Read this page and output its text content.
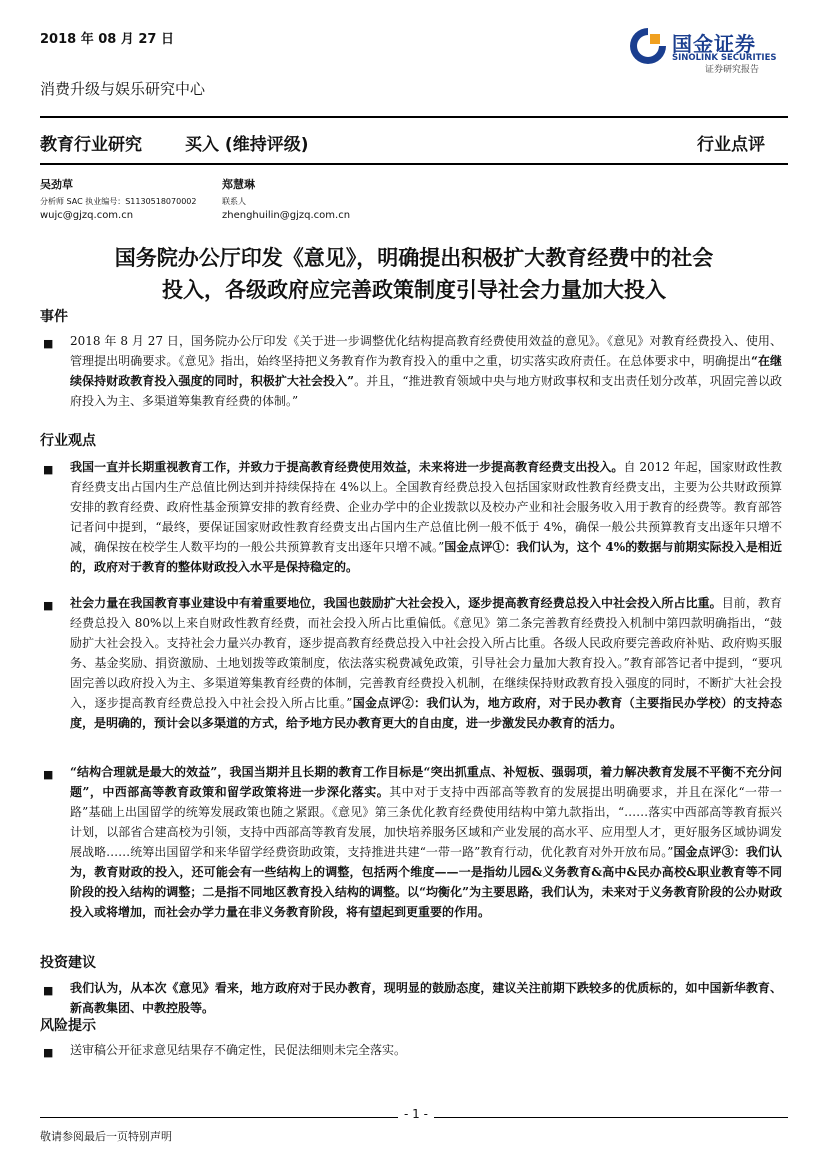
2018 年 08 月 27 日	国金证券
SINOLINK SECURITIES
证券研究报告
消费升级与娱乐研究中心
教育行业研究	买入 (维持评级)	行业点评
吴劲草
分析师 SAC 执业编号：S1130518070002
wujc@gjzq.com.cn
郑慧琳
联系人
zhenghuilin@gjzq.com.cn
国务院办公厅印发《意见》，明确提出积极扩大教育经费中的社会
投入，各级政府应完善政策制度引导社会力量加大投入
事件
■ 2018 年 8 月 27 日，国务院办公厅印发《关于进一步调整优化结构提高教育经费使用效益的意见》。《意见》对教育经费投入、使用、管理提出明确要求。《意见》指出，始终坚持把义务教育作为教育投入的重中之重，切实落实政府责任。在总体要求中，明确提出“在继续保持财政教育投入强度的同时，积极扩大社会投入”。并且，“推进教育领域中央与地方财政事权和支出责任划分改革，巩固完善以政府投入为主、多渠道筹集教育经费的体制。”
行业观点
■ 我国一直并长期重视教育工作，并致力于提高教育经费使用效益，未来将进一步提高教育经费支出投入。自 2012 年起，国家财政性教育经费支出占国内生产总值比例达到并持续保持在 4%以上。全国教育经费总投入包括国家财政性教育经费支出，主要为公共财政预算安排的教育经费、政府性基金预算安排的教育经费、企业办学中的企业拨款以及校办产业和社会服务收入用于教育的经费等。教育部答记者问中提到，“最终，要保证国家财政性教育经费支出占国内生产总值比例一般不低于 4%，确保一般公共预算教育支出逐年只增不减，确保按在校学生人数平均的一般公共预算教育支出逐年只增不减。”国金点评①：我们认为，这个 4%的数据与前期实际投入是相近的，政府对于教育的整体财政投入水平是保持稳定的。
■ 社会力量在我国教育事业建设中有着重要地位，我国也鼓励扩大社会投入，逐步提高教育经费总投入中社会投入所占比重。目前，教育经费总投入 80%以上来自财政性教育经费，而社会投入所占比重偏低。《意见》第二条完善教育经费投入机制中第四款明确指出，“鼓励扩大社会投入。支持社会力量兴办教育，逐步提高教育经费总投入中社会投入所占比重。各级人民政府要完善政府补贴、政府购买服务、基金奖励、捐资激励、土地划拨等政策制度，依法落实税费减免政策，引导社会力量加大教育投入。”教育部答记者中提到，“要巩固完善以政府投入为主、多渠道筹集教育经费的体制，完善教育经费投入机制，在继续保持财政教育投入强度的同时，不断扩大社会投入，逐步提高教育经费总投入中社会投入所占比重。”国金点评②：我们认为，地方政府，对于民办教育（主要指民办学校）的支持态度，是明确的，预计会以多渠道的方式，给予地方民办教育更大的自由度，进一步激发民办教育的活力。
■ “结构合理就是最大的效益”，我国当期并且长期的教育工作目标是“突出抓重点、补短板、强弱项，着力解决教育发展不平衡不充分问题”，中西部高等教育政策和留学政策将进一步深化落实。其中对于支持中西部高等教育的发展提出明确要求，并且在深化“一带一路”基础上出国留学的统筹发展政策也随之紧跟。《意见》第三条优化教育经费使用结构中第九款指出，“……落实中西部高等教育振兴计划，以部省合建高校为引领，支持中西部高等教育发展，加快培养服务区域和产业发展的高水平、应用型人才，更好服务区域协调发展战略……统筹出国留学和来华留学经费资助政策，支持推进共建“一带一路”教育行动，优化教育对外开放布局。”国金点评③：我们认为，教育财政的投入，还可能会有一些结构上的调整，包括两个维度——一是指幼儿园&义务教育&高中&民办高校&职业教育等不同阶段的投入结构的调整；二是指不同地区教育投入结构的调整。以“均衡化”为主要思路，我们认为，未来对于义务教育阶段的公办财政投入或将增加，而社会办学力量在非义务教育阶段，将有望起到更重要的作用。
投资建议
■ 我们认为，从本次《意见》看来，地方政府对于民办教育，现明显的鼓励态度，建议关注前期下跌较多的优质标的，如中国新华教育、新高教集团、中教控股等。
风险提示
■ 送审稿公开征求意见结果存不确定性，民促法细则未完全落实。
- 1 -
敬请参阅最后一页特别声明
